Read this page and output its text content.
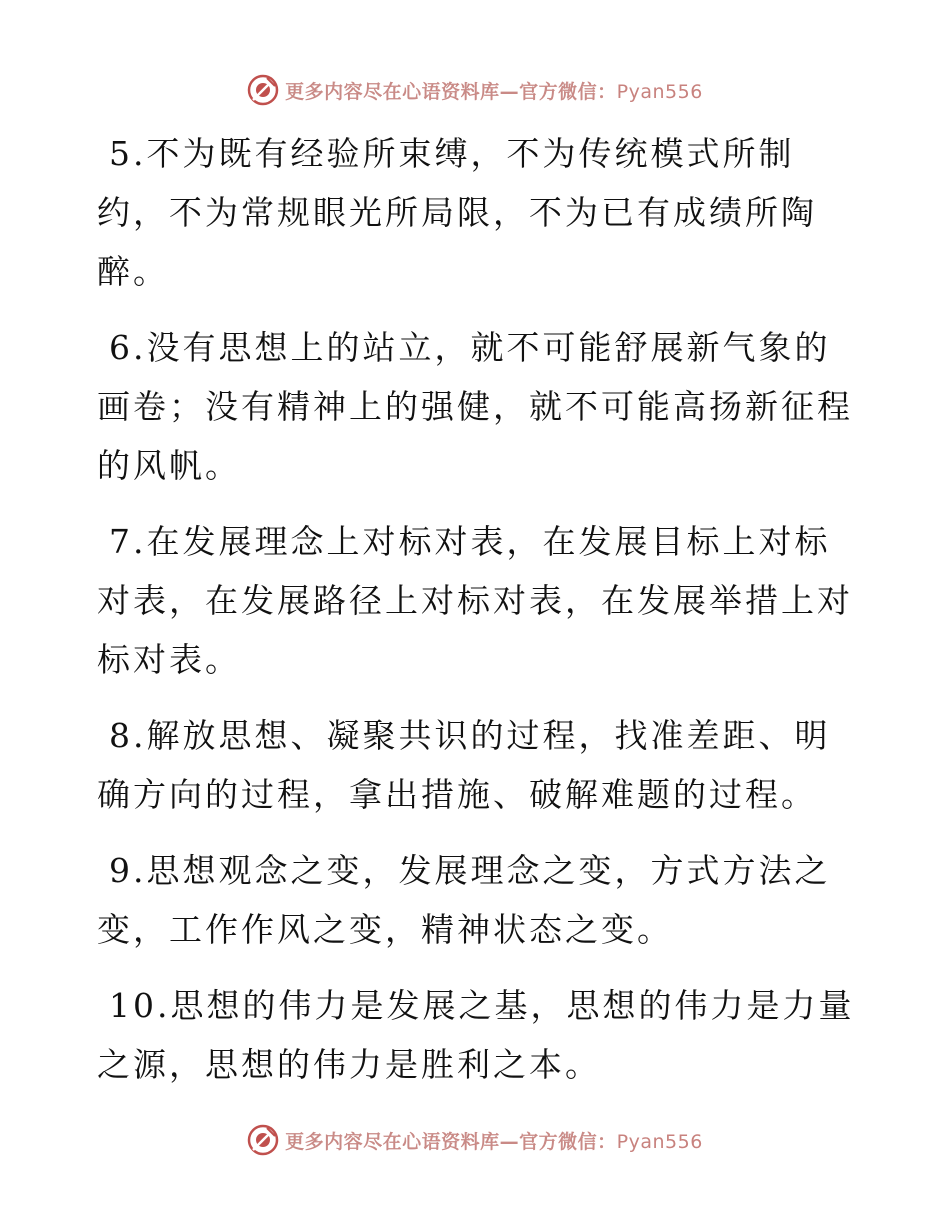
更多内容尽在心语资料库—官方微信：Pyan556

5.不为既有经验所束缚，不为传统模式所制约，不为常规眼光所局限，不为已有成绩所陶醉。

6.没有思想上的站立，就不可能舒展新气象的画卷；没有精神上的强健，就不可能高扬新征程的风帆。

7.在发展理念上对标对表，在发展目标上对标对表，在发展路径上对标对表，在发展举措上对标对表。

8.解放思想、凝聚共识的过程，找准差距、明确方向的过程，拿出措施、破解难题的过程。

9.思想观念之变，发展理念之变，方式方法之变，工作作风之变，精神状态之变。

10.思想的伟力是发展之基，思想的伟力是力量之源，思想的伟力是胜利之本。

更多内容尽在心语资料库—官方微信：Pyan556
